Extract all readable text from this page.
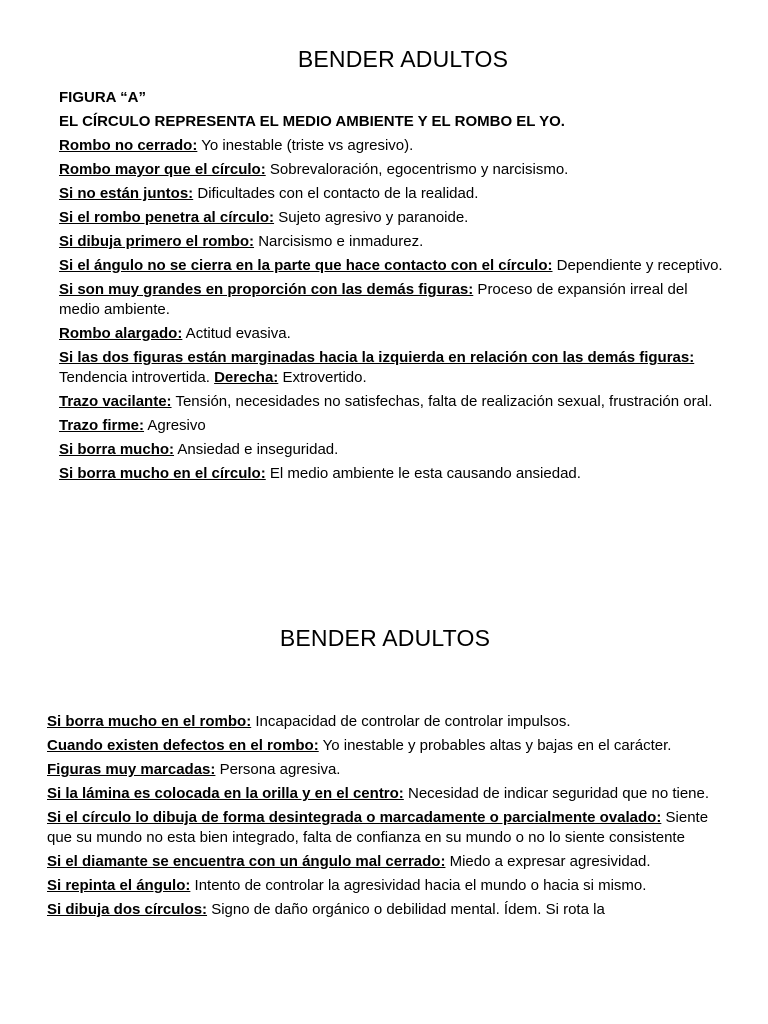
BENDER ADULTOS

FIGURA “A”

EL CÍRCULO REPRESENTA EL MEDIO AMBIENTE Y EL ROMBO EL YO.

Rombo no cerrado: Yo inestable (triste vs agresivo).

Rombo mayor que el círculo: Sobrevaloración, egocentrismo y narcisismo.

Si no están juntos: Dificultades con el contacto de la realidad.

Si el rombo penetra al círculo: Sujeto agresivo y paranoide.

Si dibuja primero el rombo: Narcisismo e inmadurez.

Si el ángulo no se cierra en la parte que hace contacto con el círculo: Dependiente y receptivo.

Si son muy grandes en proporción con las demás figuras: Proceso de expansión irreal del medio ambiente.

Rombo alargado: Actitud evasiva.

Si las dos figuras están marginadas hacia la izquierda en relación con las demás figuras: Tendencia introvertida. Derecha: Extrovertido.

Trazo vacilante: Tensión, necesidades no satisfechas, falta de realización sexual, frustración oral.

Trazo firme: Agresivo

Si borra mucho: Ansiedad e inseguridad.

Si borra mucho en el círculo: El medio ambiente le esta causando ansiedad.

BENDER ADULTOS

Si borra mucho en el rombo: Incapacidad de controlar de controlar impulsos.

Cuando existen defectos en el rombo: Yo inestable y probables altas y bajas en el carácter.

Figuras muy marcadas: Persona agresiva.

Si la lámina es colocada en la orilla y en el centro: Necesidad de indicar seguridad que no tiene.

Si el círculo lo dibuja de forma desintegrada o marcadamente o parcialmente ovalado: Siente que su mundo no esta bien integrado, falta de confianza en su mundo o no lo siente consistente

Si el diamante se encuentra con un ángulo mal cerrado: Miedo a expresar agresividad.

Si repinta el ángulo: Intento de controlar la agresividad hacia el mundo o hacia si mismo.

Si dibuja dos círculos: Signo de daño orgánico o debilidad mental. Ídem. Si rota la
